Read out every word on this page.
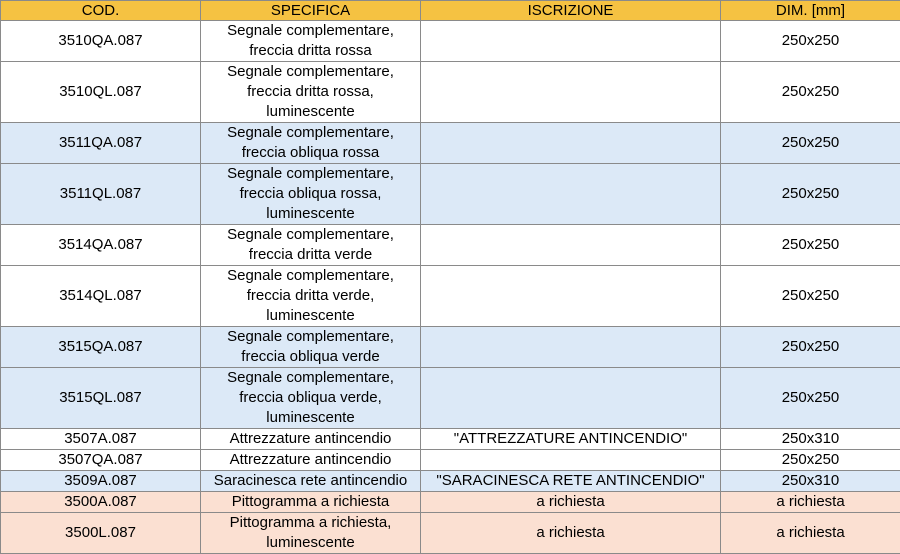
COD.	SPECIFICA	ISCRIZIONE	DIM. [mm]
3510QA.087	Segnale complementare,
freccia dritta rossa		250x250
3510QL.087	Segnale complementare,
freccia dritta rossa,
luminescente		250x250
3511QA.087	Segnale complementare,
freccia obliqua rossa		250x250
3511QL.087	Segnale complementare,
freccia obliqua rossa,
luminescente		250x250
3514QA.087	Segnale complementare,
freccia dritta verde		250x250
3514QL.087	Segnale complementare,
freccia dritta verde,
luminescente		250x250
3515QA.087	Segnale complementare,
freccia obliqua verde		250x250
3515QL.087	Segnale complementare,
freccia obliqua verde,
luminescente		250x250
3507A.087	Attrezzature antincendio	"ATTREZZATURE ANTINCENDIO"	250x310
3507QA.087	Attrezzature antincendio		250x250
3509A.087	Saracinesca rete antincendio	"SARACINESCA RETE ANTINCENDIO"	250x310
3500A.087	Pittogramma a richiesta	a richiesta	a richiesta
3500L.087	Pittogramma a richiesta,
luminescente	a richiesta	a richiesta
